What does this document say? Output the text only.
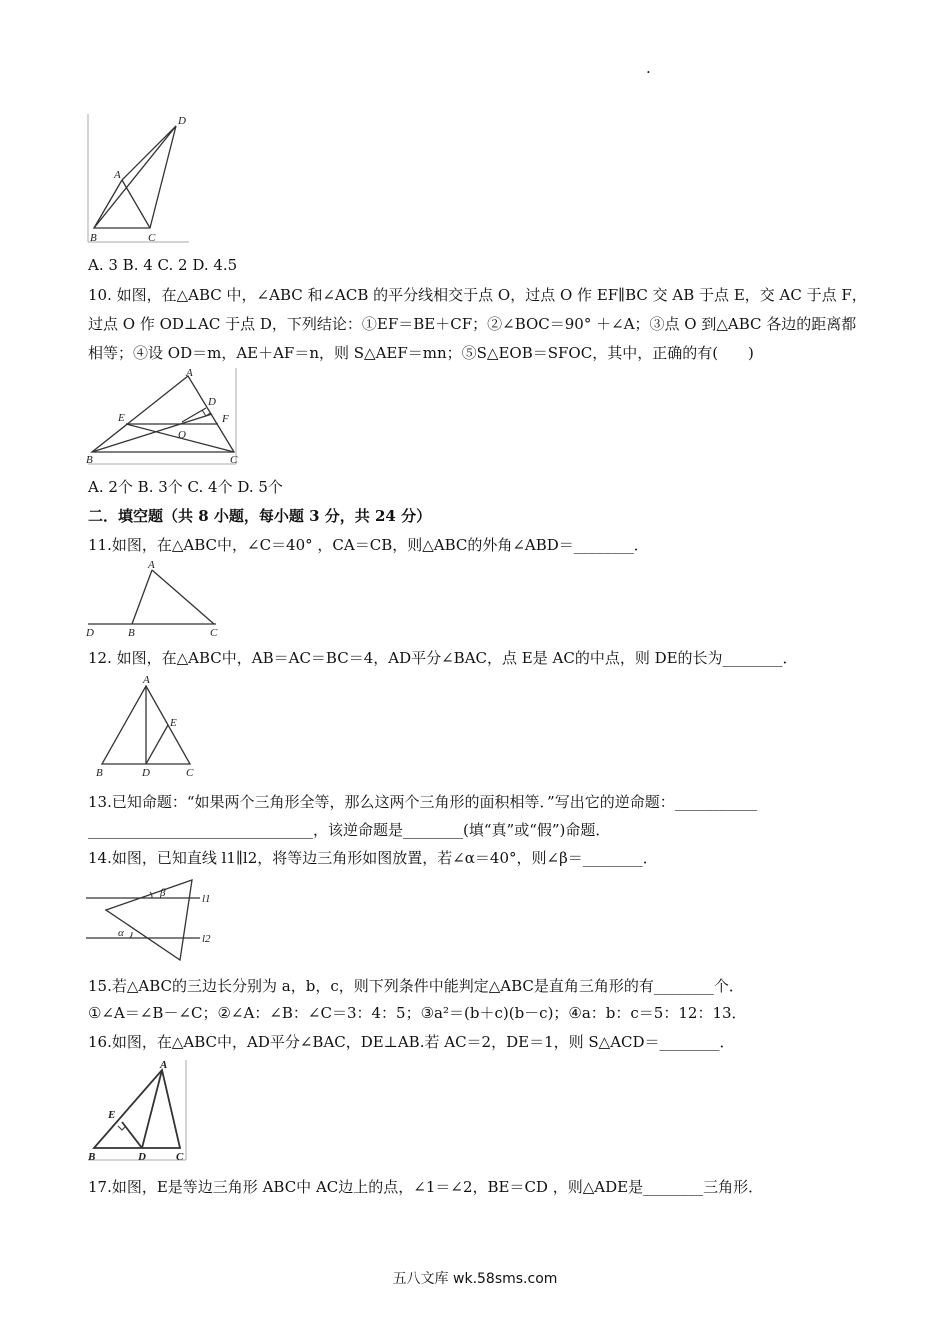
.
D
A
B	C
A. 3 B. 4 C. 2 D. 4.5
10. 如图，在△ABC 中，∠ABC 和∠ACB 的平分线相交于点 O，过点 O 作 EF∥BC 交 AB 于点 E，交 AC 于点 F，
过点 O 作 OD⊥AC 于点 D，下列结论：①EF＝BE＋CF；②∠BOC＝90° ＋∠A；③点 O 到△ABC 各边的距离都
相等；④设 OD＝m，AE＋AF＝n，则 S△AEF＝mn；⑤S△EOB＝SFOC，其中，正确的有(　　)
A
D
E	F
O
B	C
A. 2个 B. 3个 C. 4个 D. 5个
二．填空题（共 8 小题，每小题 3 分，共 24 分）
11.如图，在△ABC中，∠C＝40° ，CA＝CB，则△ABC的外角∠ABD＝________．
A
D	B	C
12. 如图，在△ABC中，AB＝AC＝BC＝4，AD平分∠BAC，点 E是 AC的中点，则 DE的长为________．
A
E
B	D	C
13.已知命题：“如果两个三角形全等，那么这两个三角形的面积相等．”写出它的逆命题：___________
______________________________，该逆命题是________(填“真”或“假”)命题．
14.如图，已知直线 l1∥l2，将等边三角形如图放置，若∠α＝40°，则∠β＝________．
β
α
l1
l2
15.若△ABC的三边长分别为 a，b，c，则下列条件中能判定△ABC是直角三角形的有________个．
①∠A＝∠B－∠C；②∠A：∠B：∠C＝3：4：5；③a²＝(b＋c)(b－c)；④a：b：c＝5：12：13．
16.如图，在△ABC中，AD平分∠BAC，DE⊥AB.若 AC＝2，DE＝1，则 S△ACD＝________．
A
E
B	D	C
17.如图，E是等边三角形 ABC中 AC边上的点，∠1＝∠2，BE＝CD ，则△ADE是________三角形．
五八文库 wk.58sms.com
